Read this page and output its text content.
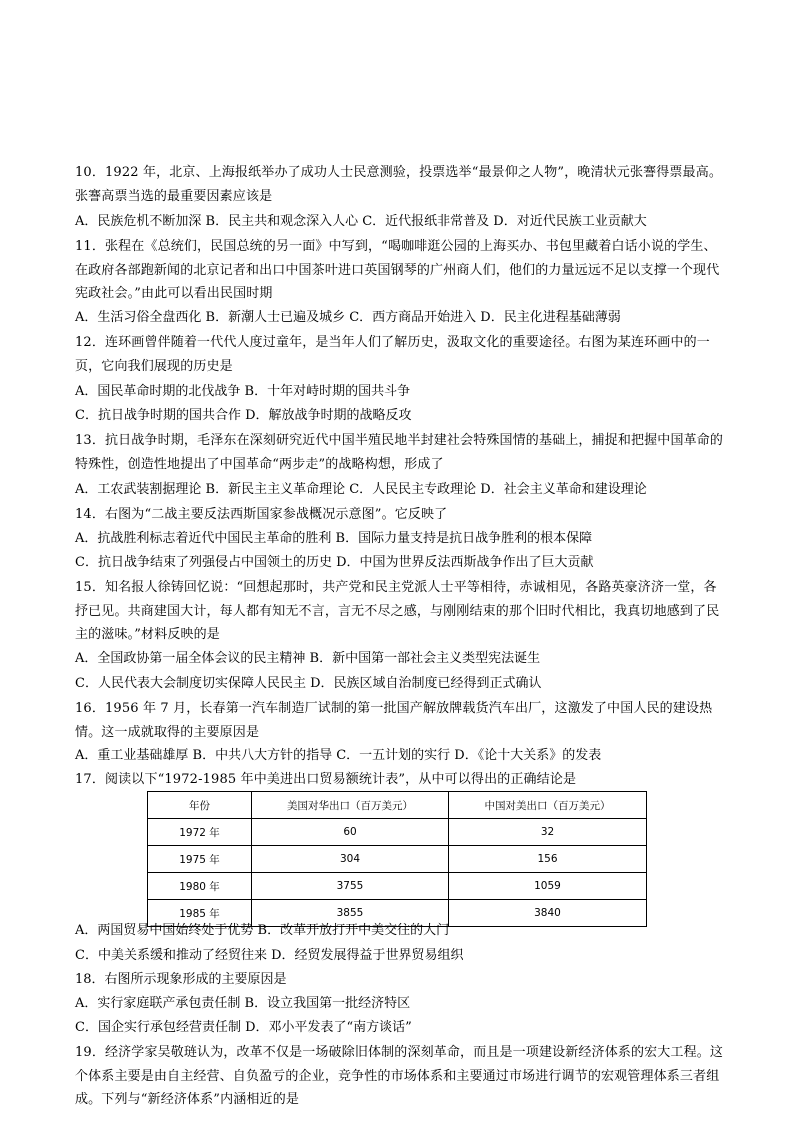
10．1922 年，北京、上海报纸举办了成功人士民意测验，投票选举“最景仰之人物”，晚清状元张謇得票最高。张謇高票当选的最重要因素应该是
A．民族危机不断加深 B．民主共和观念深入人心 C．近代报纸非常普及 D．对近代民族工业贡献大
11．张程在《总统们，民国总统的另一面》中写到，“喝咖啡逛公园的上海买办、书包里藏着白话小说的学生、在政府各部跑新闻的北京记者和出口中国茶叶进口英国钢琴的广州商人们，他们的力量远远不足以支撑一个现代宪政社会。”由此可以看出民国时期
A．生活习俗全盘西化 B．新潮人士已遍及城乡 C．西方商品开始进入 D．民主化进程基础薄弱
12．连环画曾伴随着一代代人度过童年，是当年人们了解历史，汲取文化的重要途径。右图为某连环画中的一页，它向我们展现的历史是
A．国民革命时期的北伐战争 B．十年对峙时期的国共斗争
C．抗日战争时期的国共合作 D．解放战争时期的战略反攻
13．抗日战争时期，毛泽东在深刻研究近代中国半殖民地半封建社会特殊国情的基础上，捕捉和把握中国革命的特殊性，创造性地提出了中国革命“两步走”的战略构想，形成了
A．工农武装割据理论 B．新民主主义革命理论 C．人民民主专政理论 D．社会主义革命和建设理论
14．右图为“二战主要反法西斯国家参战概况示意图”。它反映了
A．抗战胜利标志着近代中国民主革命的胜利 B．国际力量支持是抗日战争胜利的根本保障
C．抗日战争结束了列强侵占中国领土的历史 D．中国为世界反法西斯战争作出了巨大贡献
15．知名报人徐铸回忆说：“回想起那时，共产党和民主党派人士平等相待，赤诚相见，各路英豪济济一堂，各抒已见。共商建国大计，每人都有知无不言，言无不尽之感，与刚刚结束的那个旧时代相比，我真切地感到了民主的滋味。”材料反映的是
A．全国政协第一届全体会议的民主精神 B．新中国第一部社会主义类型宪法诞生
C．人民代表大会制度切实保障人民民主 D．民族区域自治制度已经得到正式确认
16．1956 年 7 月，长春第一汽车制造厂试制的第一批国产解放牌载货汽车出厂，这激发了中国人民的建设热情。这一成就取得的主要原因是
A．重工业基础雄厚 B．中共八大方针的指导 C．一五计划的实行 D．《论十大关系》的发表
17．阅读以下“1972-1985 年中美进出口贸易额统计表”，从中可以得出的正确结论是
年份	美国对华出口（百万美元）	中国对美出口（百万美元）
1972 年	60	32
1975 年	304	156
1980 年	3755	1059
1985 年	3855	3840
A．两国贸易中国始终处于优势 B．改革开放打开中美交往的大门
C．中美关系缓和推动了经贸往来 D．经贸发展得益于世界贸易组织
18．右图所示现象形成的主要原因是
A．实行家庭联产承包责任制 B．设立我国第一批经济特区
C．国企实行承包经营责任制 D．邓小平发表了“南方谈话”
19．经济学家吴敬琏认为，改革不仅是一场破除旧体制的深刻革命，而且是一项建设新经济体系的宏大工程。这个体系主要是由自主经营、自负盈亏的企业，竞争性的市场体系和主要通过市场进行调节的宏观管理体系三者组成。下列与“新经济体系”内涵相近的是
